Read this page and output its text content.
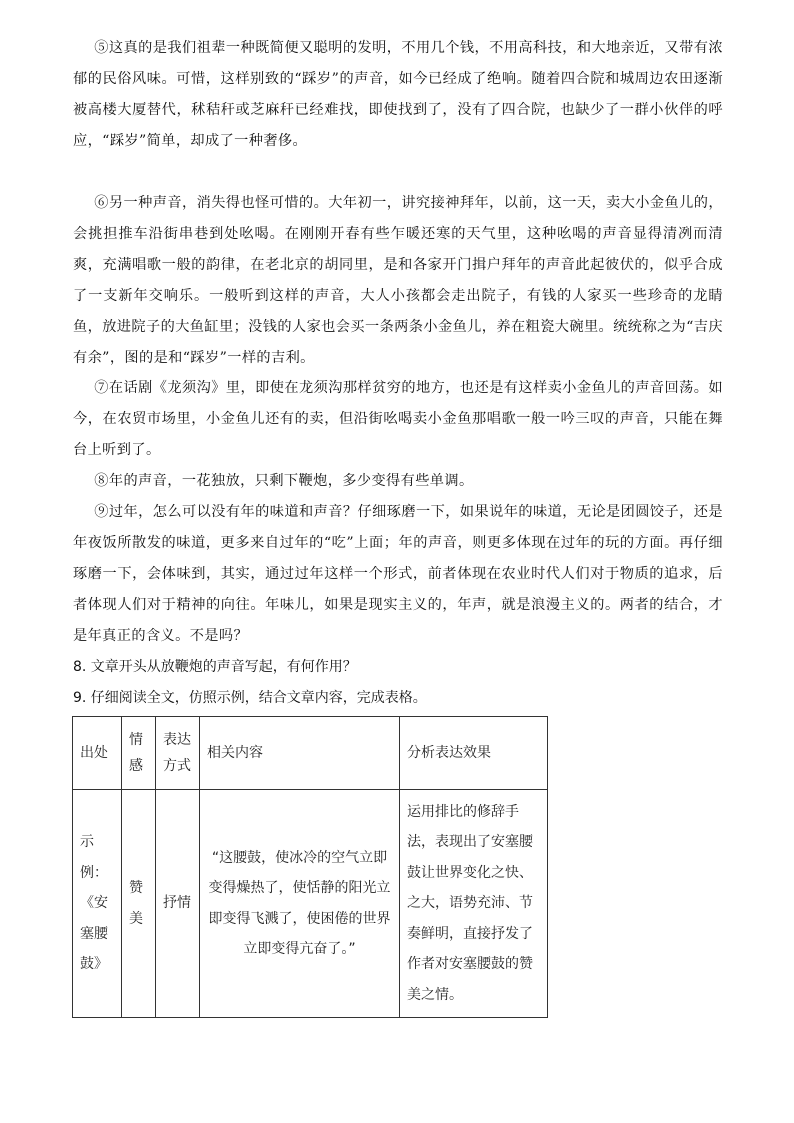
⑤这真的是我们祖辈一种既简便又聪明的发明，不用几个钱，不用高科技，和大地亲近，又带有浓郁的民俗风味。可惜，这样别致的“踩岁”的声音，如今已经成了绝响。随着四合院和城周边农田逐渐被高楼大厦替代，秫秸秆或芝麻秆已经难找，即使找到了，没有了四合院，也缺少了一群小伙伴的呼应，“踩岁”简单，却成了一种奢侈。

⑥另一种声音，消失得也怪可惜的。大年初一，讲究接神拜年，以前，这一天，卖大小金鱼儿的，会挑担推车沿街串巷到处吆喝。在刚刚开春有些乍暖还寒的天气里，这种吆喝的声音显得清冽而清爽，充满唱歌一般的韵律，在老北京的胡同里，是和各家开门揖户拜年的声音此起彼伏的，似乎合成了一支新年交响乐。一般听到这样的声音，大人小孩都会走出院子，有钱的人家买一些珍奇的龙睛鱼，放进院子的大鱼缸里；没钱的人家也会买一条两条小金鱼儿，养在粗瓷大碗里。统统称之为“吉庆有余”，图的是和“踩岁”一样的吉利。

⑦在话剧《龙须沟》里，即使在龙须沟那样贫穷的地方，也还是有这样卖小金鱼儿的声音回荡。如今，在农贸市场里，小金鱼儿还有的卖，但沿街吆喝卖小金鱼那唱歌一般一吟三叹的声音，只能在舞台上听到了。

⑧年的声音，一花独放，只剩下鞭炮，多少变得有些单调。

⑨过年，怎么可以没有年的味道和声音？仔细琢磨一下，如果说年的味道，无论是团圆饺子，还是年夜饭所散发的味道，更多来自过年的“吃”上面；年的声音，则更多体现在过年的玩的方面。再仔细琢磨一下，会体味到，其实，通过过年这样一个形式，前者体现在农业时代人们对于物质的追求，后者体现人们对于精神的向往。年味儿，如果是现实主义的，年声，就是浪漫主义的。两者的结合，才是年真正的含义。不是吗？

8. 文章开头从放鞭炮的声音写起，有何作用？

9. 仔细阅读全文，仿照示例，结合文章内容，完成表格。

出处	情感	表达方式	相关内容	分析表达效果
示例：《安塞腰鼓》	赞美	抒情	“这腰鼓，使冰冷的空气立即变得燥热了，使恬静的阳光立即变得飞溅了，使困倦的世界立即变得亢奋了。”	运用排比的修辞手法，表现出了安塞腰鼓让世界变化之快、之大，语势充沛、节奏鲜明，直接抒发了作者对安塞腰鼓的赞美之情。
